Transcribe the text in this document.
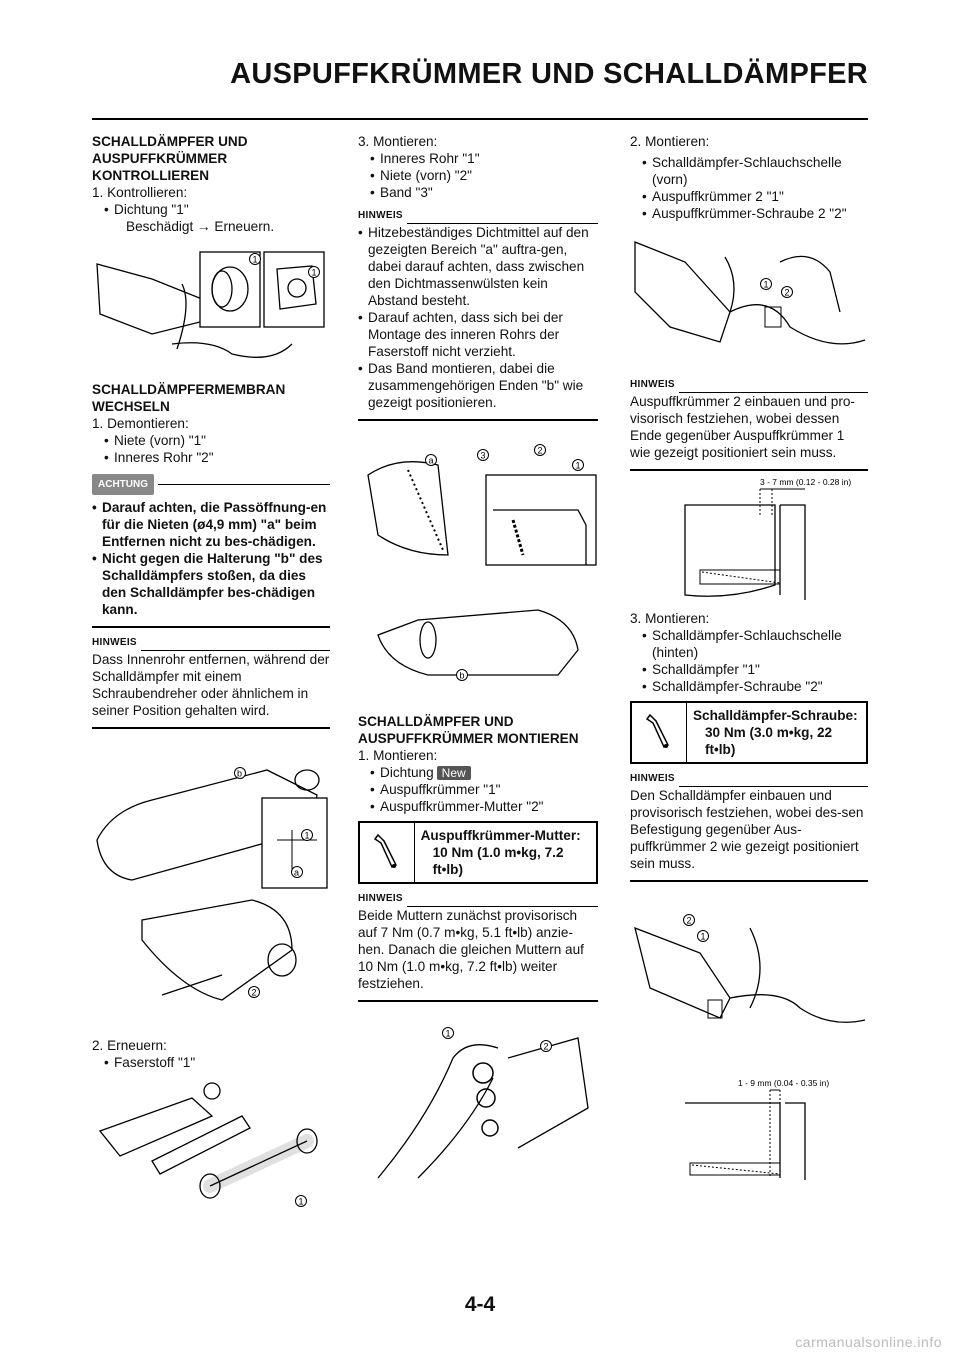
AUSPUFFKRÜMMER UND SCHALLDÄMPFER

SCHALLDÄMPFER UND AUSPUFFKRÜMMER KONTROLLIEREN

1. Kontrollieren:

• Dichtung "1"

Beschädigt → Erneuern.

1
1

SCHALLDÄMPFERMEMBRAN WECHSELN

1. Demontieren:

• Niete (vorn) "1"

• Inneres Rohr "2"

ACHTUNG

• Darauf achten, die Passöffnung-en für die Nieten (ø4,9 mm) "a" beim Entfernen nicht zu bes-chädigen.

• Nicht gegen die Halterung "b" des Schalldämpfers stoßen, da dies den Schalldämpfer bes-chädigen kann.

HINWEIS

Dass Innenrohr entfernen, während der Schalldämpfer mit einem Schraubendreher oder ähnlichem in seiner Position gehalten wird.

b
1
a
2

2. Erneuern:

• Faserstoff "1"

1

3. Montieren:

• Inneres Rohr "1"

• Niete (vorn) "2"

• Band "3"

HINWEIS

• Hitzebeständiges Dichtmittel auf den gezeigten Bereich "a" auftra-gen, dabei darauf achten, dass zwischen den Dichtmassenwülsten kein Abstand besteht.

• Darauf achten, dass sich bei der Montage des inneren Rohrs der Faserstoff nicht verzieht.

• Das Band montieren, dabei die zusammengehörigen Enden "b" wie gezeigt positionieren.

a	3	2
1
b

SCHALLDÄMPFER UND AUSPUFFKRÜMMER MONTIEREN

1. Montieren:

• Dichtung New

• Auspuffkrümmer "1"

• Auspuffkrümmer-Mutter "2"

Auspuffkrümmer-Mutter:

10 Nm (1.0 m•kg, 7.2 ft•lb)

HINWEIS

Beide Muttern zunächst provisorisch auf 7 Nm (0.7 m•kg, 5.1 ft•lb) anzie-hen. Danach die gleichen Muttern auf 10 Nm (1.0 m•kg, 7.2 ft•lb) weiter festziehen.

1
2

2. Montieren:

• Schalldämpfer-Schlauchschelle (vorn)

• Auspuffkrümmer 2 "1"

• Auspuffkrümmer-Schraube 2 "2"

1
2
HINWEIS

Auspuffkrümmer 2 einbauen und pro-visorisch festziehen, wobei dessen Ende gegenüber Auspuffkrümmer 1 wie gezeigt positioniert sein muss.

3 - 7 mm (0.12 - 0.28 in)

3. Montieren:

• Schalldämpfer-Schlauchschelle (hinten)

• Schalldämpfer "1"

• Schalldämpfer-Schraube "2"

Schalldämpfer-Schraube:

30 Nm (3.0 m•kg, 22 ft•lb)

HINWEIS

Den Schalldämpfer einbauen und provisorisch festziehen, wobei des-sen Befestigung gegenüber Aus-puffkrümmer 2 wie gezeigt positioniert sein muss.

2
1
1 - 9 mm (0.04 - 0.35 in)
4-4
carmanualsonline.info
